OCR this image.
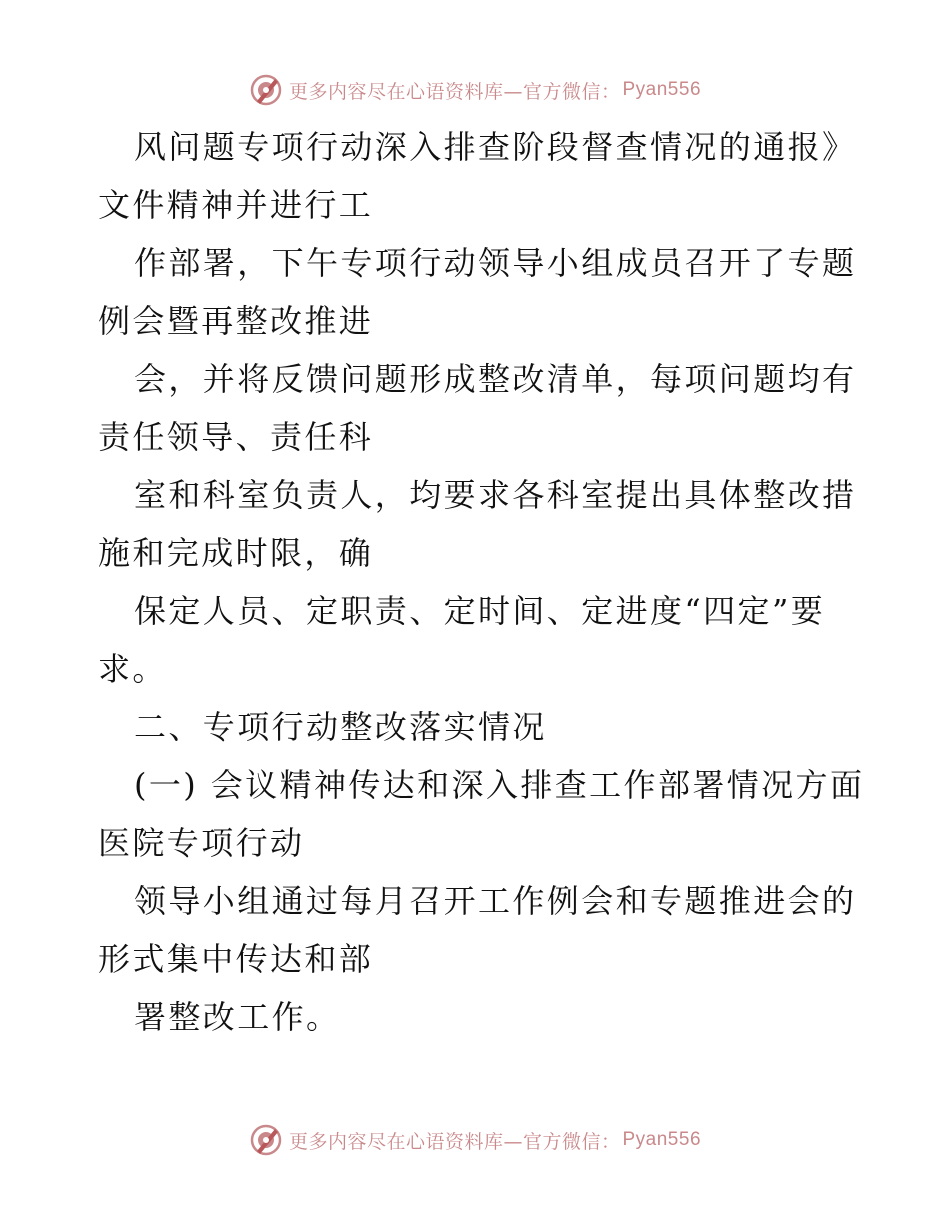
更多内容尽在心语资料库—官方微信： Pyan556
风问题专项行动深入排查阶段督查情况的通报》
文件精神并进行工
作部署，下午专项行动领导小组成员召开了专题
例会暨再整改推进
会，并将反馈问题形成整改清单，每项问题均有
责任领导、责任科
室和科室负责人，均要求各科室提出具体整改措
施和完成时限，确
保定人员、定职责、定时间、定进度“四定”要
求。
二、专项行动整改落实情况
(一) 会议精神传达和深入排查工作部署情况方面
医院专项行动
领导小组通过每月召开工作例会和专题推进会的
形式集中传达和部
署整改工作。
更多内容尽在心语资料库—官方微信： Pyan556
